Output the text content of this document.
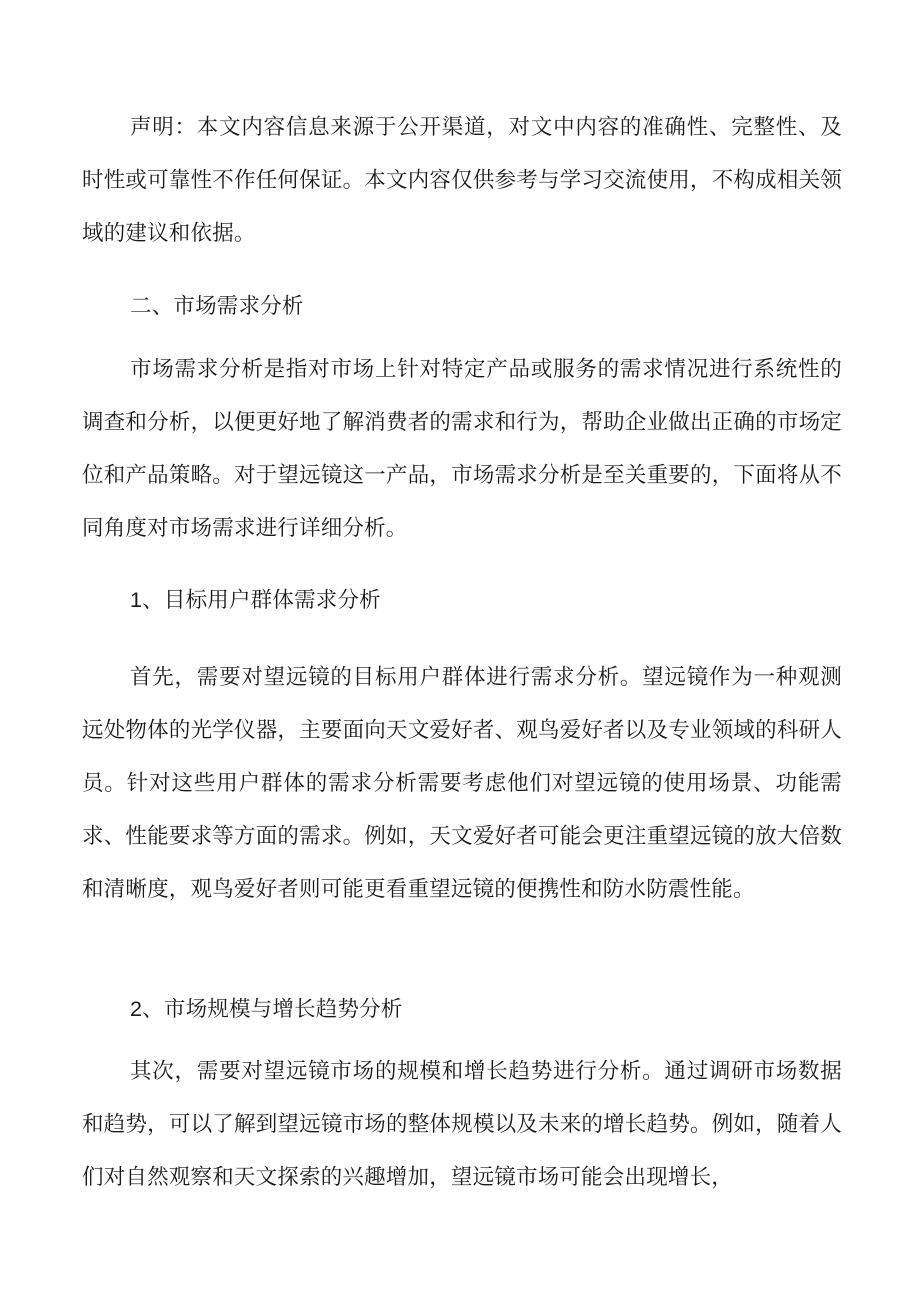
声明：本文内容信息来源于公开渠道，对文中内容的准确性、完整性、及时性或可靠性不作任何保证。本文内容仅供参考与学习交流使用，不构成相关领域的建议和依据。

二、市场需求分析

市场需求分析是指对市场上针对特定产品或服务的需求情况进行系统性的调查和分析，以便更好地了解消费者的需求和行为，帮助企业做出正确的市场定位和产品策略。对于望远镜这一产品，市场需求分析是至关重要的，下面将从不同角度对市场需求进行详细分析。

1、目标用户群体需求分析

首先，需要对望远镜的目标用户群体进行需求分析。望远镜作为一种观测远处物体的光学仪器，主要面向天文爱好者、观鸟爱好者以及专业领域的科研人员。针对这些用户群体的需求分析需要考虑他们对望远镜的使用场景、功能需求、性能要求等方面的需求。例如，天文爱好者可能会更注重望远镜的放大倍数和清晰度，观鸟爱好者则可能更看重望远镜的便携性和防水防震性能。

2、市场规模与增长趋势分析

其次，需要对望远镜市场的规模和增长趋势进行分析。通过调研市场数据和趋势，可以了解到望远镜市场的整体规模以及未来的增长趋势。例如，随着人们对自然观察和天文探索的兴趣增加，望远镜市场可能会出现增长，
